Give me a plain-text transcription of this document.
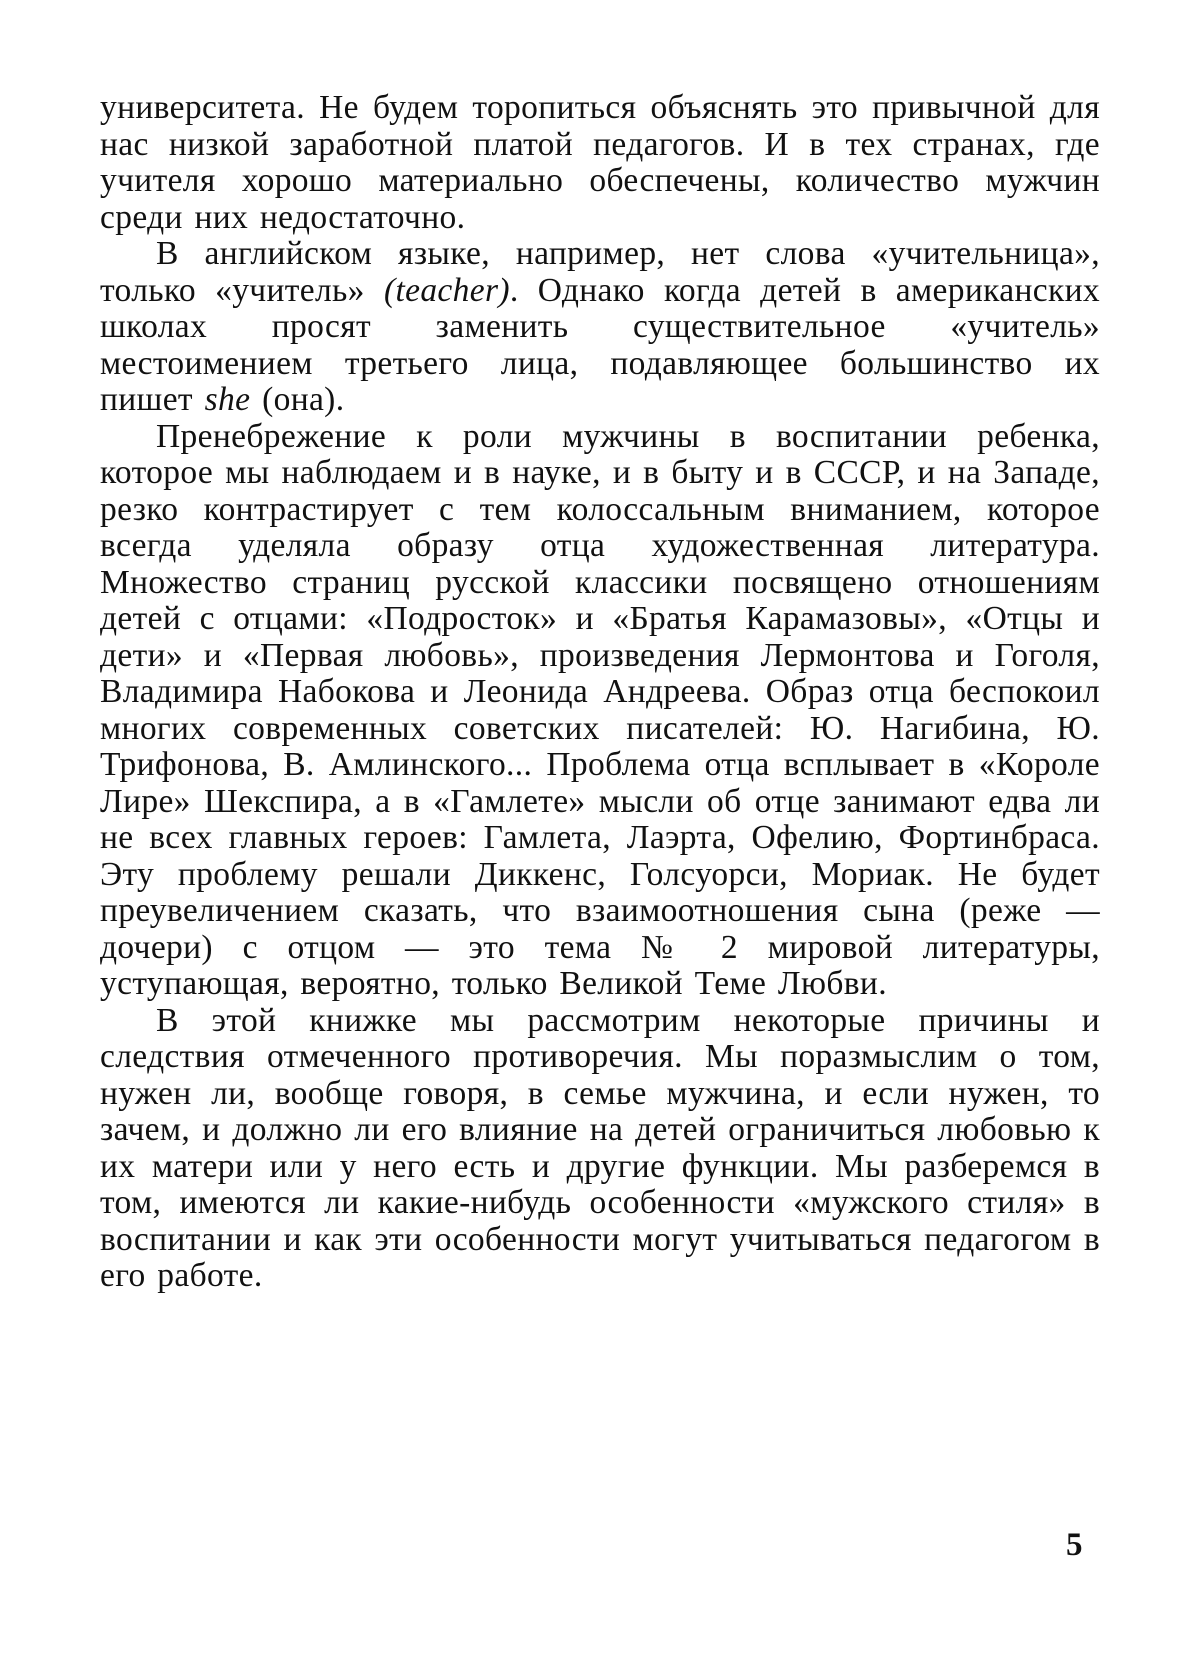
университета. Не будем торопиться объяснять это привычной для нас низкой заработной платой педагогов. И в тех странах, где учителя хорошо материально обеспечены, количество мужчин среди них недостаточно.

В английском языке, например, нет слова «учительница», только «учитель» (teacher). Однако когда детей в американских школах просят заменить существительное «учитель» местоимением третьего лица, подавляющее большинство их пишет she (она).

Пренебрежение к роли мужчины в воспитании ребенка, которое мы наблюдаем и в науке, и в быту и в СССР, и на Западе, резко контрастирует с тем колоссальным вниманием, которое всегда уделяла образу отца художественная литература. Множество страниц русской классики посвящено отношениям детей с отцами: «Подросток» и «Братья Карамазовы», «Отцы и дети» и «Первая любовь», произведения Лермонтова и Гоголя, Владимира Набокова и Леонида Андреева. Образ отца беспокоил многих современных советских писателей: Ю. Нагибина, Ю. Трифонова, В. Амлинского... Проблема отца всплывает в «Короле Лире» Шекспира, а в «Гамлете» мысли об отце занимают едва ли не всех главных героев: Гамлета, Лаэрта, Офелию, Фортинбраса. Эту проблему решали Диккенс, Голсуорси, Мориак. Не будет преувеличением сказать, что взаимоотношения сына (реже — дочери) с отцом — это тема № 2 мировой литературы, уступающая, вероятно, только Великой Теме Любви.

В этой книжке мы рассмотрим некоторые причины и следствия отмеченного противоречия. Мы поразмыслим о том, нужен ли, вообще говоря, в семье мужчина, и если нужен, то зачем, и должно ли его влияние на детей ограничиться любовью к их матери или у него есть и другие функции. Мы разберемся в том, имеются ли какие-нибудь особенности «мужского стиля» в воспитании и как эти особенности могут учитываться педагогом в его работе.

5
